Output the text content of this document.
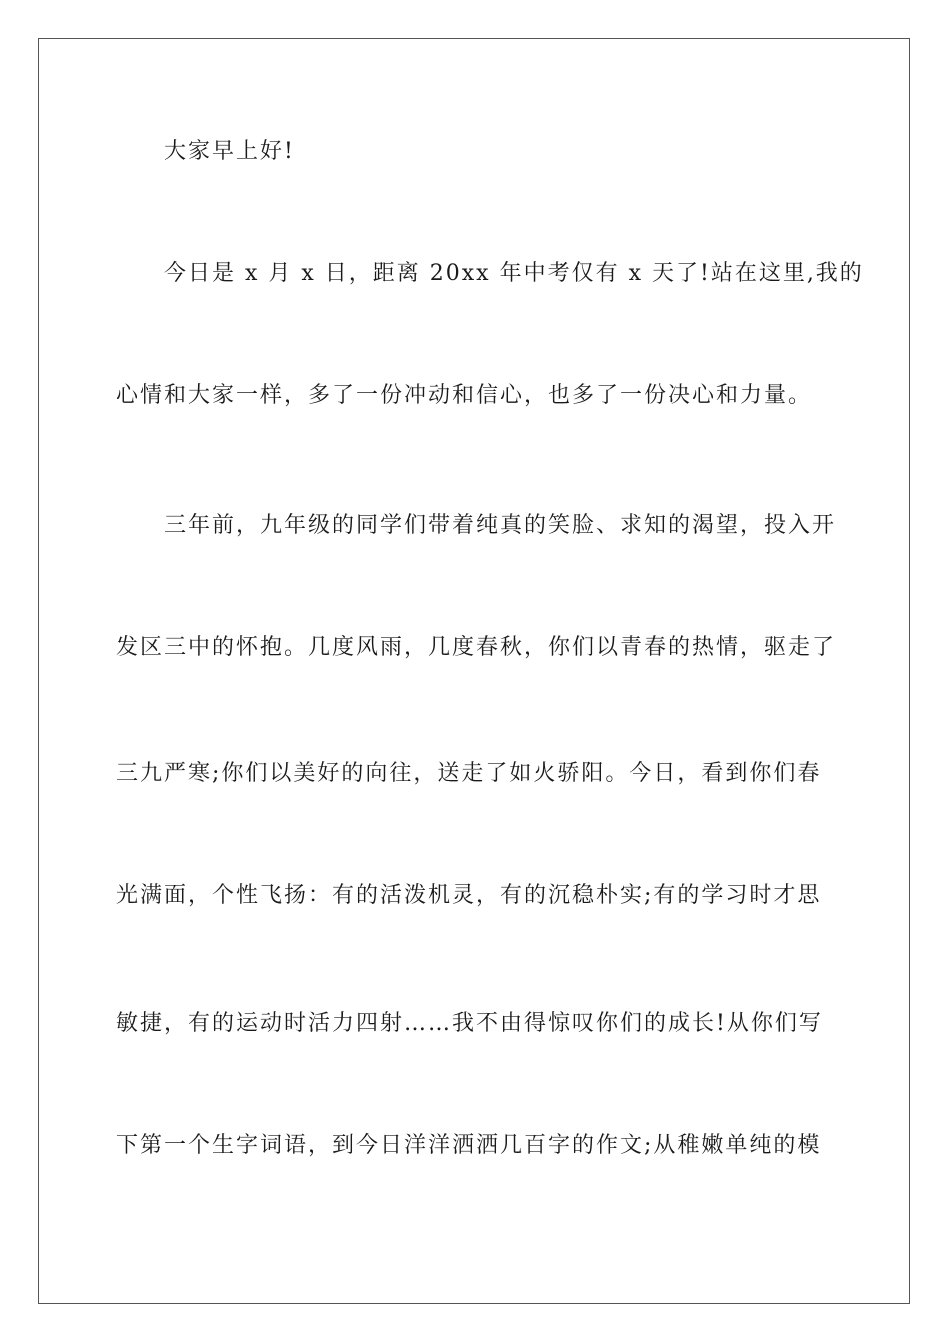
大家早上好!
今日是 x 月 x 日，距离 20xx 年中考仅有 x 天了!站在这里,我的
心情和大家一样，多了一份冲动和信心，也多了一份决心和力量。
三年前，九年级的同学们带着纯真的笑脸、求知的渴望，投入开
发区三中的怀抱。几度风雨，几度春秋，你们以青春的热情，驱走了
三九严寒;你们以美好的向往，送走了如火骄阳。今日，看到你们春
光满面，个性飞扬：有的活泼机灵，有的沉稳朴实;有的学习时才思
敏捷，有的运动时活力四射……我不由得惊叹你们的成长!从你们写
下第一个生字词语，到今日洋洋洒洒几百字的作文;从稚嫩单纯的模
